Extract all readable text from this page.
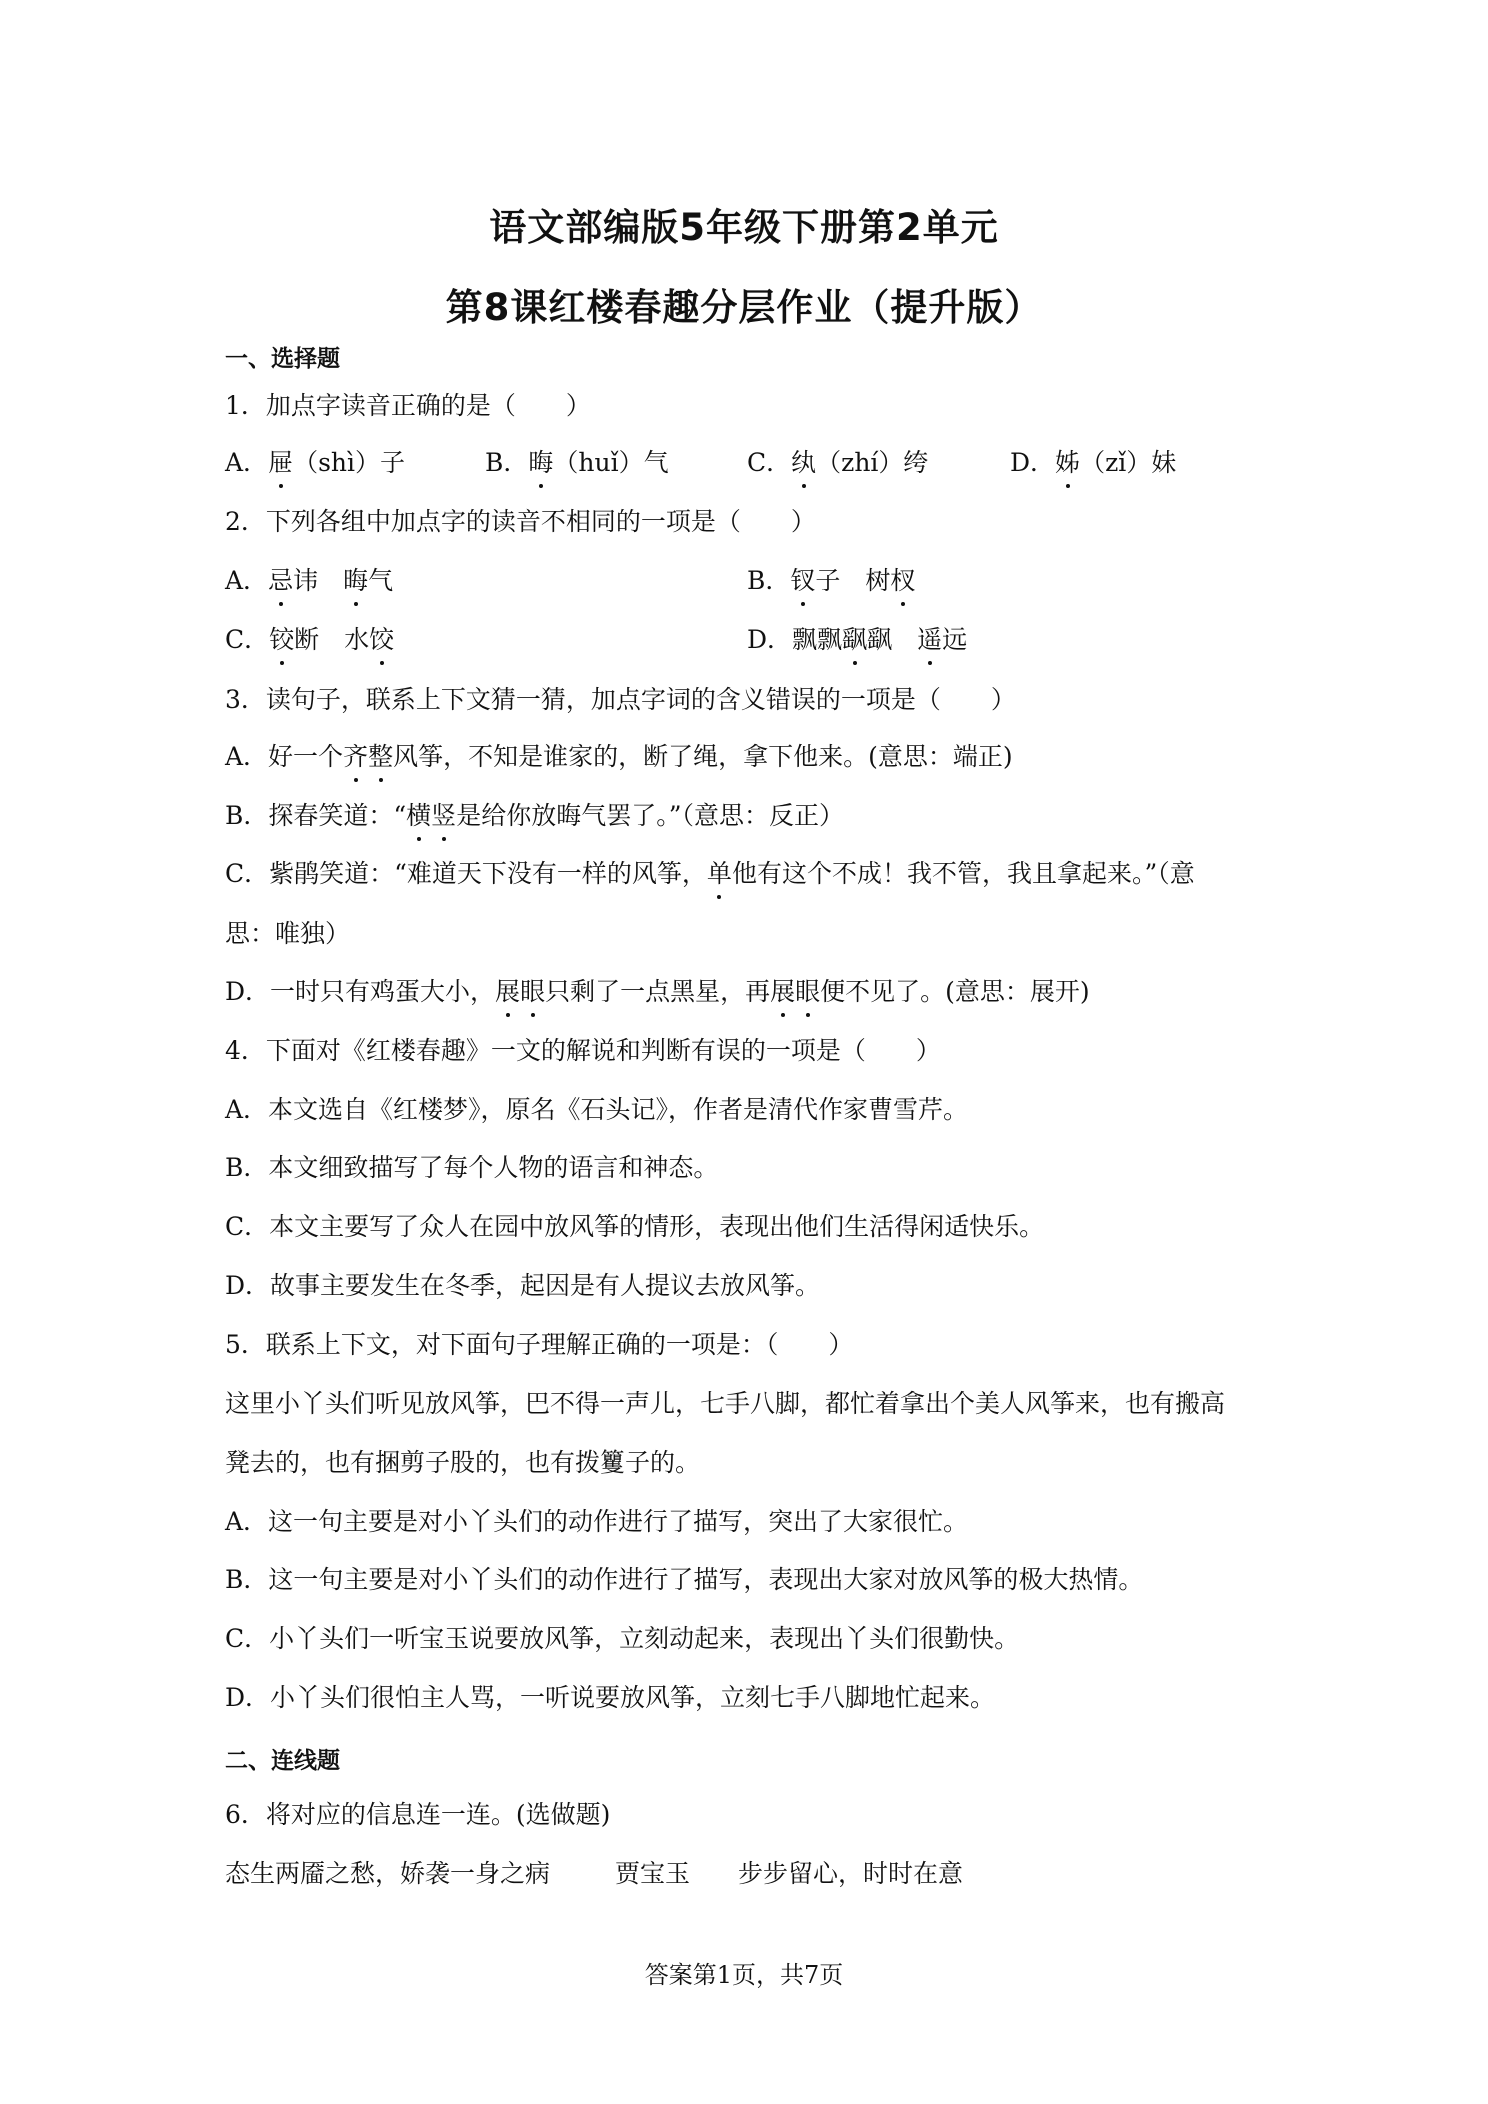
语文部编版5年级下册第2单元
第8课红楼春趣分层作业（提升版）
一、选择题
1．加点字读音正确的是（　　）
A．屉（shì）子	B．晦（huǐ）气	C．纨（zhí）绔	D．姊（zǐ）妹
2．下列各组中加点字的读音不相同的一项是（　　）
A．忌讳　晦气	B．钗子　树杈
C．铰断　水饺	D．飘飘飖飖　遥远
3．读句子，联系上下文猜一猜，加点字词的含义错误的一项是（　　）
A．好一个齐整风筝，不知是谁家的，断了绳，拿下他来。(意思：端正)
B．探春笑道：“横竖是给你放晦气罢了。”（意思：反正）
C．紫鹃笑道：“难道天下没有一样的风筝，单他有这个不成！我不管，我且拿起来。”（意
思：唯独）
D．一时只有鸡蛋大小，展眼只剩了一点黑星，再展眼便不见了。(意思：展开)
4．下面对《红楼春趣》一文的解说和判断有误的一项是（　　）
A．本文选自《红楼梦》，原名《石头记》，作者是清代作家曹雪芹。
B．本文细致描写了每个人物的语言和神态。
C．本文主要写了众人在园中放风筝的情形，表现出他们生活得闲适快乐。
D．故事主要发生在冬季，起因是有人提议去放风筝。
5．联系上下文，对下面句子理解正确的一项是：（　　）
这里小丫头们听见放风筝，巴不得一声儿，七手八脚，都忙着拿出个美人风筝来，也有搬高
凳去的，也有捆剪子股的，也有拨籰子的。
A．这一句主要是对小丫头们的动作进行了描写，突出了大家很忙。
B．这一句主要是对小丫头们的动作进行了描写，表现出大家对放风筝的极大热情。
C．小丫头们一听宝玉说要放风筝，立刻动起来，表现出丫头们很勤快。
D．小丫头们很怕主人骂，一听说要放风筝，立刻七手八脚地忙起来。
二、连线题
6．将对应的信息连一连。(选做题)
态生两靥之愁，娇袭一身之病	贾宝玉 步步留心，时时在意
答案第1页，共7页
